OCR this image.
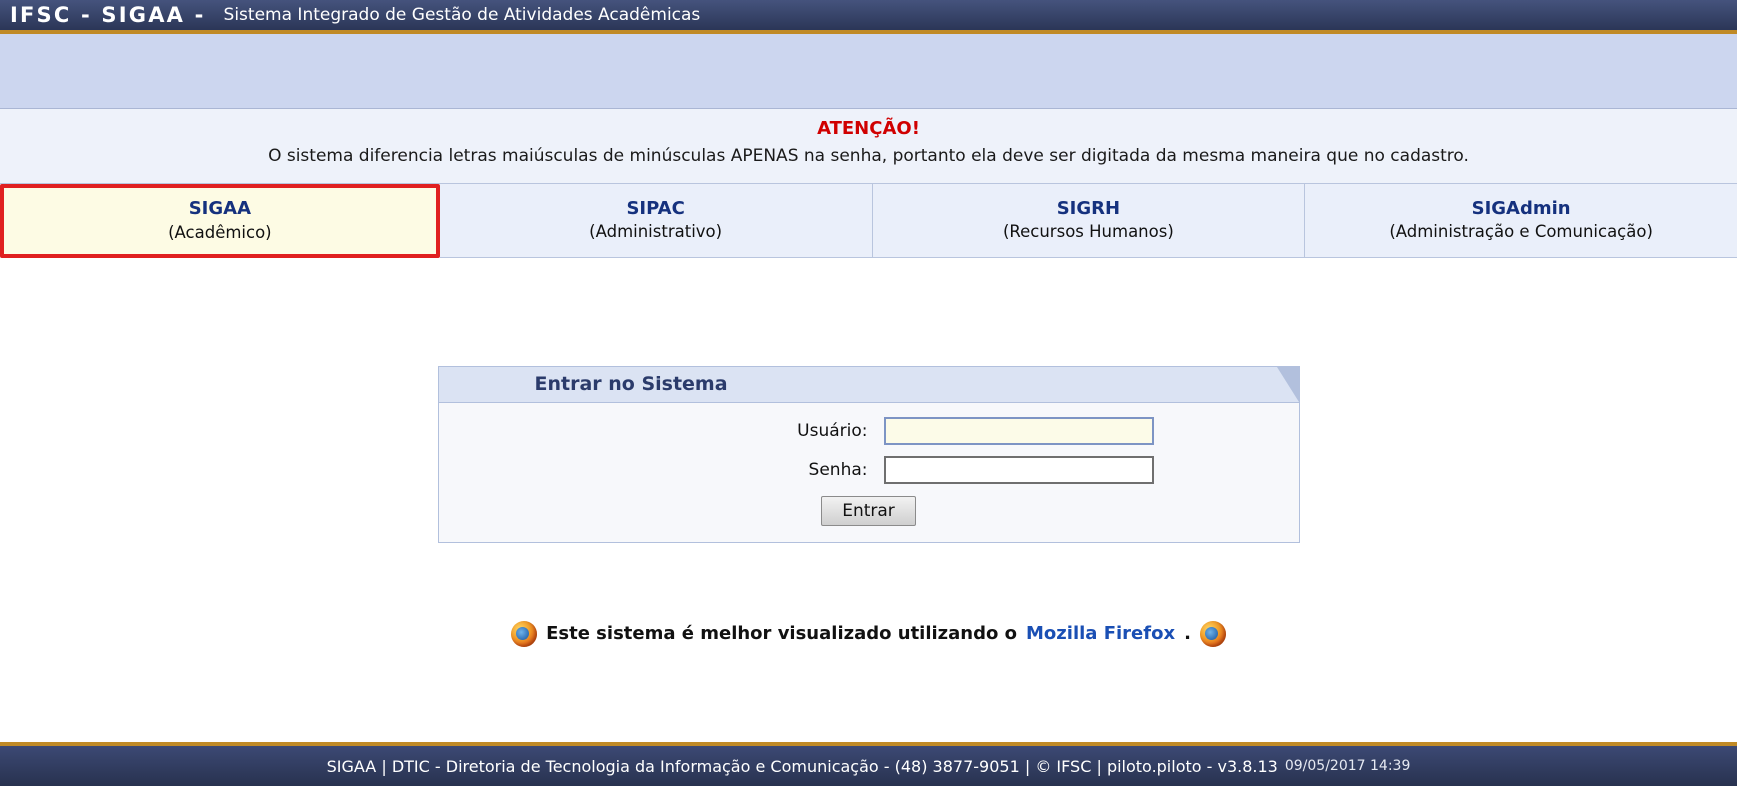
IFSC - SIGAA - Sistema Integrado de Gestão de Atividades Acadêmicas
ATENÇÃO!
O sistema diferencia letras maiúsculas de minúsculas APENAS na senha, portanto ela deve ser digitada da mesma maneira que no cadastro.
SIGAA
(Acadêmico)
SIPAC
(Administrativo)
SIGRH
(Recursos Humanos)
SIGAdmin
(Administração e Comunicação)
Entrar no Sistema
Usuário:
Senha:
Entrar
Este sistema é melhor visualizado utilizando o Mozilla Firefox .
SIGAA | DTIC - Diretoria de Tecnologia da Informação e Comunicação - (48) 3877-9051 | © IFSC | piloto.piloto - v3.8.13 09/05/2017 14:39
